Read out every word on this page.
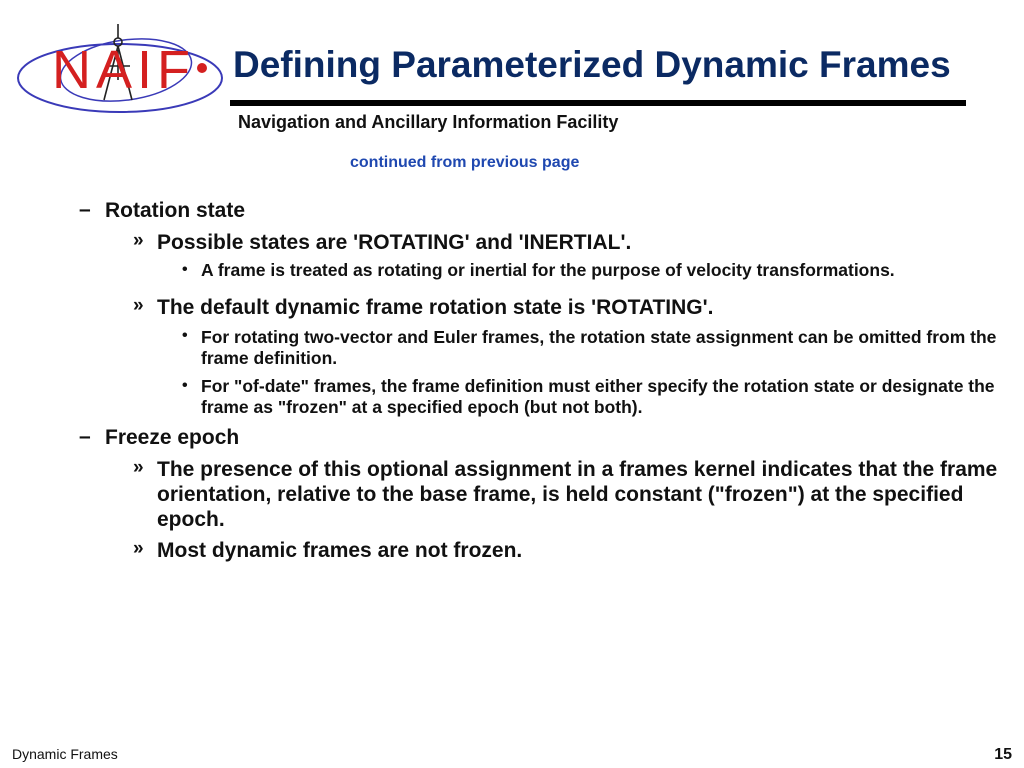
NAIF Defining Parameterized Dynamic Frames
Navigation and Ancillary Information Facility
continued from previous page
– Rotation state
» Possible states are 'ROTATING' and 'INERTIAL'.
• A frame is treated as rotating or inertial for the purpose of velocity transformations.
» The default dynamic frame rotation state is 'ROTATING'.
• For rotating two-vector and Euler frames, the rotation state assignment can be omitted from the frame definition.
• For "of-date" frames, the frame definition must either specify the rotation state or designate the frame as "frozen" at a specified epoch (but not both).
– Freeze epoch
» The presence of this optional assignment in a frames kernel indicates that the frame orientation, relative to the base frame, is held constant ("frozen") at the specified epoch.
» Most dynamic frames are not frozen.
Dynamic Frames	15
